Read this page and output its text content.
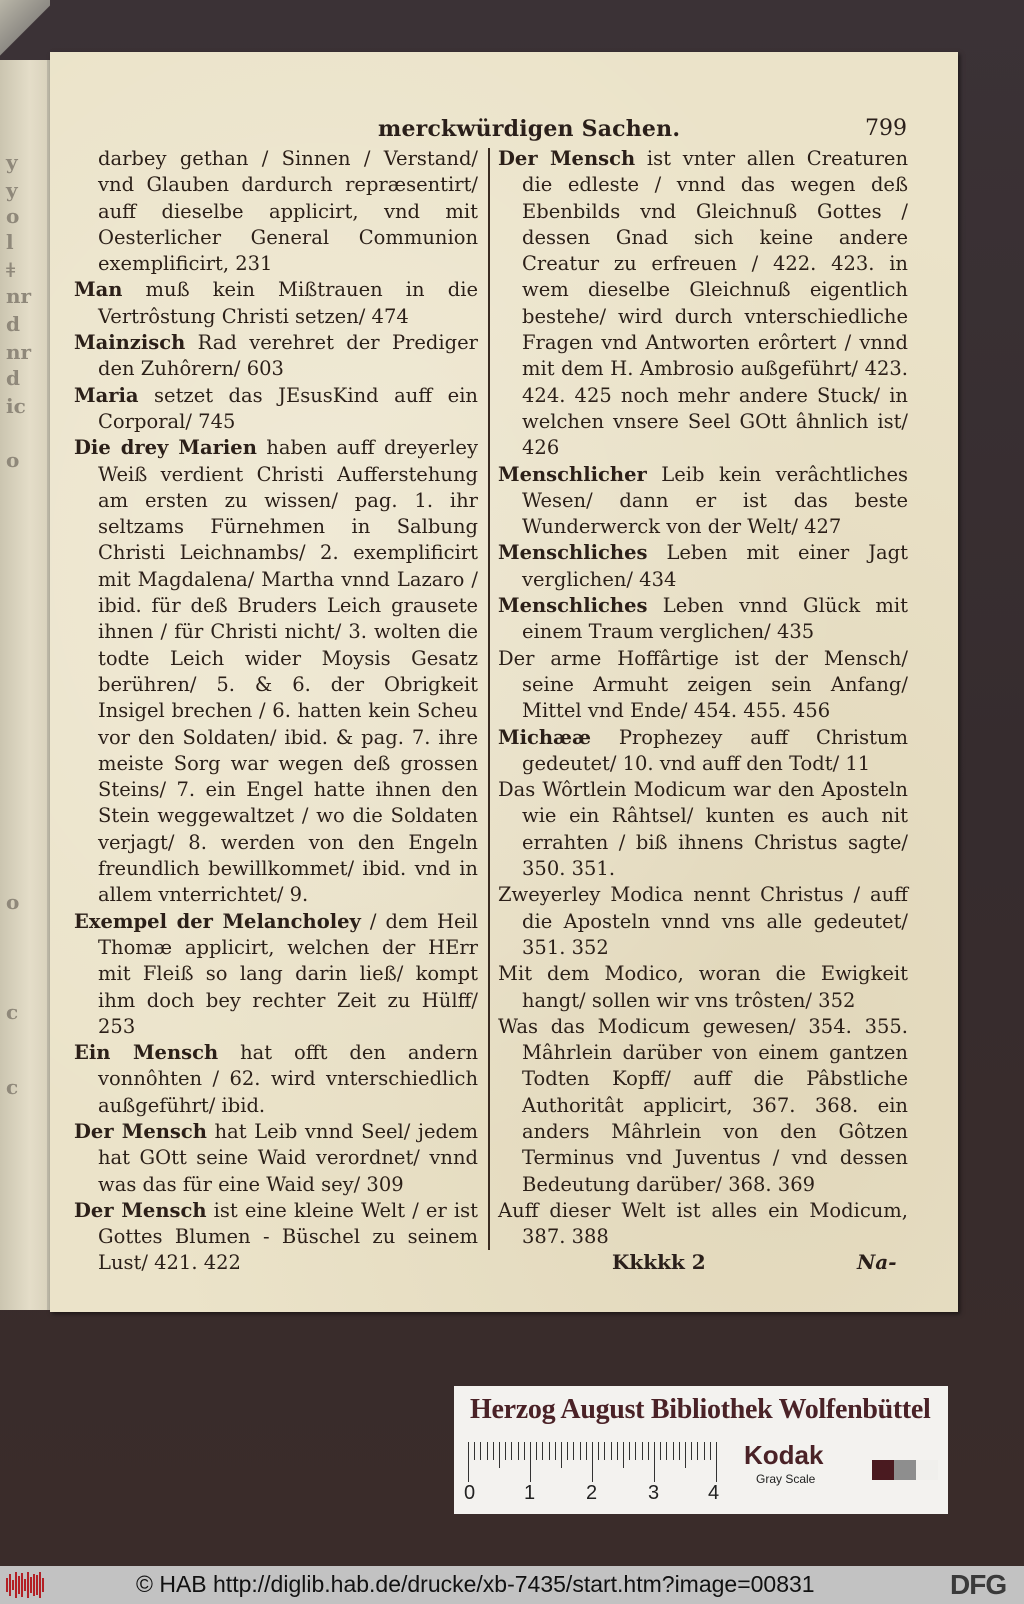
y
y
o
l
ǂ
nr
d
nr
d
ic
o
o
c
c
merckwürdigen Sachen.	799

darbey gethan / Sinnen / Verstand/ vnd Glauben dardurch repræsentirt/ auff dieselbe applicirt, vnd mit Oesterlicher General Communion exemplificirt, 231

Man muß kein Mißtrauen in die Vertrôstung Christi setzen/ 474

Mainzisch Rad verehret der Prediger den Zuhôrern/ 603

Maria setzet das JEsusKind auff ein Corporal/ 745

Die drey Marien haben auff dreyerley Weiß verdient Christi Aufferstehung am ersten zu wissen/ pag. 1. ihr seltzams Fürnehmen in Salbung Christi Leichnambs/ 2. exemplificirt mit Magdalena/ Martha vnnd Lazaro / ibid. für deß Bruders Leich grausete ihnen / für Christi nicht/ 3. wolten die todte Leich wider Moysis Gesatz berühren/ 5. & 6. der Obrigkeit Insigel brechen / 6. hatten kein Scheu vor den Soldaten/ ibid. & pag. 7. ihre meiste Sorg war wegen deß grossen Steins/ 7. ein Engel hatte ihnen den Stein weggewaltzet / wo die Soldaten verjagt/ 8. werden von den Engeln freundlich bewillkommet/ ibid. vnd in allem vnterrichtet/ 9.

Exempel der Melancholey / dem Heil Thomæ applicirt, welchen der HErr mit Fleiß so lang darin ließ/ kompt ihm doch bey rechter Zeit zu Hülff/ 253

Ein Mensch hat offt den andern vonnôhten / 62. wird vnterschiedlich außgeführt/ ibid.

Der Mensch hat Leib vnnd Seel/ jedem hat GOtt seine Waid verordnet/ vnnd was das für eine Waid sey/ 309

Der Mensch ist eine kleine Welt / er ist Gottes Blumen - Büschel zu seinem Lust/ 421. 422

Der Mensch ist vnter allen Creaturen die edleste / vnnd das wegen deß Ebenbilds vnd Gleichnuß Gottes / dessen Gnad sich keine andere Creatur zu erfreuen / 422. 423. in wem dieselbe Gleichnuß eigentlich bestehe/ wird durch vnterschiedliche Fragen vnd Antworten erôrtert / vnnd mit dem H. Ambrosio außgeführt/ 423. 424. 425 noch mehr andere Stuck/ in welchen vnsere Seel GOtt âhnlich ist/ 426

Menschlicher Leib kein verâchtliches Wesen/ dann er ist das beste Wunderwerck von der Welt/ 427

Menschliches Leben mit einer Jagt verglichen/ 434

Menschliches Leben vnnd Glück mit einem Traum verglichen/ 435

Der arme Hoffârtige ist der Mensch/ seine Armuht zeigen sein Anfang/ Mittel vnd Ende/ 454. 455. 456

Michææ Prophezey auff Christum gedeutet/ 10. vnd auff den Todt/ 11

Das Wôrtlein Modicum war den Aposteln wie ein Râhtsel/ kunten es auch nit errahten / biß ihnens Christus sagte/ 350. 351.

Zweyerley Modica nennt Christus / auff die Aposteln vnnd vns alle gedeutet/ 351. 352

Mit dem Modico, woran die Ewigkeit hangt/ sollen wir vns trôsten/ 352

Was das Modicum gewesen/ 354. 355. Mâhrlein darüber von einem gantzen Todten Kopff/ auff die Pâbstliche Authoritât applicirt, 367. 368. ein anders Mâhrlein von den Gôtzen Terminus vnd Juventus / vnd dessen Bedeutung darüber/ 368. 369

Auff dieser Welt ist alles ein Modicum, 387. 388

Kkkkk 2	Na-
Herzog August Bibliothek Wolfenbüttel
0 1	2	3 4
Kodak
Gray Scale
© HAB http://diglib.hab.de/drucke/xb-7435/start.htm?image=00831	DFG
